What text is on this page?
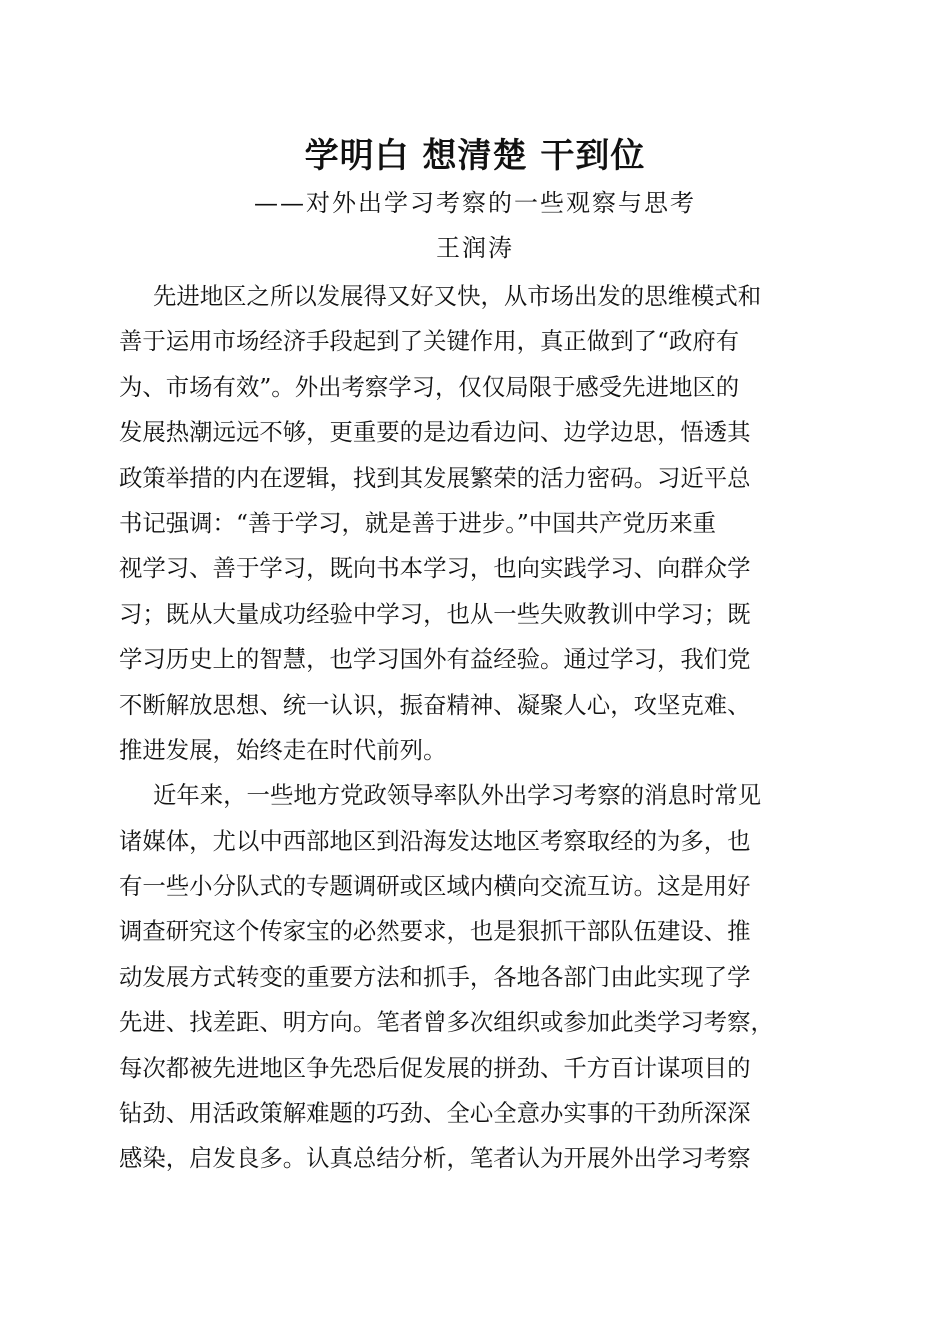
学明白 想清楚 干到位
——对外出学习考察的一些观察与思考
王润涛
先进地区之所以发展得又好又快，从市场出发的思维模式和
善于运用市场经济手段起到了关键作用，真正做到了“政府有
为、市场有效”。外出考察学习，仅仅局限于感受先进地区的
发展热潮远远不够，更重要的是边看边问、边学边思，悟透其
政策举措的内在逻辑，找到其发展繁荣的活力密码。习近平总
书记强调：“善于学习，就是善于进步。”中国共产党历来重
视学习、善于学习，既向书本学习，也向实践学习、向群众学
习；既从大量成功经验中学习，也从一些失败教训中学习；既
学习历史上的智慧，也学习国外有益经验。通过学习，我们党
不断解放思想、统一认识，振奋精神、凝聚人心，攻坚克难、
推进发展，始终走在时代前列。
近年来，一些地方党政领导率队外出学习考察的消息时常见
诸媒体，尤以中西部地区到沿海发达地区考察取经的为多，也
有一些小分队式的专题调研或区域内横向交流互访。这是用好
调查研究这个传家宝的必然要求，也是狠抓干部队伍建设、推
动发展方式转变的重要方法和抓手，各地各部门由此实现了学
先进、找差距、明方向。笔者曾多次组织或参加此类学习考察，
每次都被先进地区争先恐后促发展的拼劲、千方百计谋项目的
钻劲、用活政策解难题的巧劲、全心全意办实事的干劲所深深
感染，启发良多。认真总结分析，笔者认为开展外出学习考察
